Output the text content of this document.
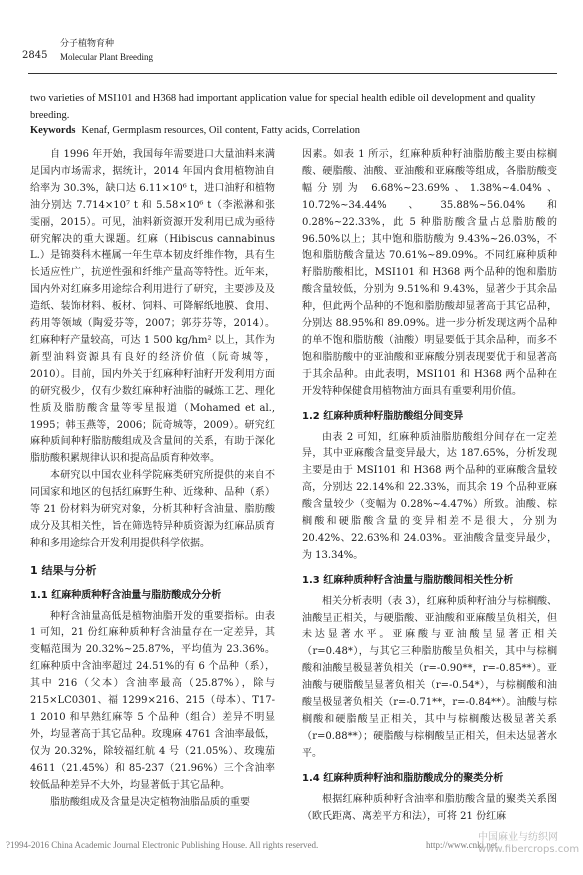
2845
分子植物育种
Molecular Plant Breeding
two varieties of MSI101 and H368 had important application value for special health edible oil development and quality breeding.
Keywords Kenaf, Germplasm resources, Oil content, Fatty acids, Correlation

自 1996 年开始，我国每年需要进口大量油料来满足国内市场需求，据统计，2014 年国内食用植物油自给率为 30.3%，缺口达 6.11×10⁶ t，进口油籽和植物油分别达 7.714×10⁷ t 和 5.58×10⁶ t（李淞淋和张雯丽，2015）。可见，油料新资源开发利用已成为亟待研究解决的重大课题。红麻（Hibiscus cannabinus L.）是锦葵科木槿属一年生草本韧皮纤维作物，具有生长适应性广，抗逆性强和纤维产量高等特性。近年来，国内外对红麻多用途综合利用进行了研究，主要涉及及造纸、装饰材料、板材、饲料、可降解纸地膜、食用、药用等领域（陶爱芬等，2007；郭芬芬等，2014）。红麻种籽产量较高，可达 1 500 kg/hm² 以上，其作为新型油料资源具有良好的经济价值（阮奇城等，2010）。目前，国内外关于红麻种籽油籽开发利用方面的研究极少，仅有少数红麻种籽油脂的碱炼工艺、理化性质及脂肪酸含量等零星报道（Mohamed et al., 1995；韩玉燕等，2006；阮奇城等，2009）。研究红麻种质间种籽脂肪酸组成及含量间的关系，有助于深化脂肪酸积累规律认识和提高品质育种效率。

本研究以中国农业科学院麻类研究所提供的来自不同国家和地区的包括红麻野生种、近缘种、品种（系）等 21 份材料为研究对象，分析其种籽含油量、脂肪酸成分及其相关性，旨在筛选特异种质资源为红麻品质育种和多用途综合开发利用提供科学依据。

1 结果与分析
1.1 红麻种质种籽含油量与脂肪酸成分分析

种籽含油量高低是植物油脂开发的重要指标。由表 1 可知，21 份红麻种质种籽含油量存在一定差异，其变幅范围为 20.32%~25.87%，平均值为 23.36%。红麻种质中含油率超过 24.51%的有 6 个品种（系），其中 216（父本）含油率最高（25.87%），除与 215×LC0301、福 1299×216、215（母本）、T17-1 2010 和早熟红麻等 5 个品种（组合）差异不明显外，均显著高于其它品种。玫瑰麻 4761 含油率最低，仅为 20.32%，除较福红航 4 号（21.05%）、玫瑰茄 4611（21.45%）和 85-237（21.96%）三个含油率较低品种差异不大外，均显著低于其它品种。

脂肪酸组成及含量是决定植物油脂品质的重要

因素。如表 1 所示，红麻种质种籽油脂肪酸主要由棕榈酸、硬脂酸、油酸、亚油酸和亚麻酸等组成，各脂肪酸变幅分别为 6.68%~23.69%、1.38%~4.04%、10.72%~34.44%、35.88%~56.04%和 0.28%~22.33%，此 5 种脂肪酸含量占总脂肪酸的 96.50%以上；其中饱和脂肪酸为 9.43%~26.03%，不饱和脂肪酸含量达 70.61%~89.09%。不同红麻种质种籽脂肪酸相比，MSI101 和 H368 两个品种的饱和脂肪酸含量较低，分别为 9.51%和 9.43%，显著少于其余品种，但此两个品种的不饱和脂肪酸却显著高于其它品种，分别达 88.95%和 89.09%。进一步分析发现这两个品种的单不饱和脂肪酸（油酸）明显要低于其余品种，而多不饱和脂肪酸中的亚油酸和亚麻酸分别表现要优于和显著高于其余品种。由此表明，MSI101 和 H368 两个品种在开发特种保健食用植物油方面具有重要利用价值。

1.2 红麻种质种籽脂肪酸组分间变异

由表 2 可知，红麻种质油脂肪酸组分间存在一定差异，其中亚麻酸含量变异最大，达 187.65%，分析发现主要是由于 MSI101 和 H368 两个品种的亚麻酸含量较高，分别达 22.14%和 22.33%，而其余 19 个品种亚麻酸含量较少（变幅为 0.28%~4.47%）所致。油酸、棕榈酸和硬脂酸含量的变异相差不是很大，分别为 20.42%、22.63%和 24.03%。亚油酸含量变异最少，为 13.34%。

1.3 红麻种质种籽含油量与脂肪酸间相关性分析

相关分析表明（表 3），红麻种质种籽油分与棕榈酸、油酸呈正相关，与硬脂酸、亚油酸和亚麻酸呈负相关，但未达显著水平。亚麻酸与亚油酸呈显著正相关（r=0.48*），与其它三种脂肪酸呈负相关，其中与棕榈酸和油酸呈极显著负相关（r=-0.90**，r=-0.85**）。亚油酸与硬脂酸呈显著负相关（r=-0.54*），与棕榈酸和油酸呈极显著负相关（r=-0.71**，r=-0.84**）。油酸与棕榈酸和硬脂酸呈正相关，其中与棕榈酸达极显著关系（r=0.88**）；硬脂酸与棕榈酸呈正相关，但未达显著水平。

1.4 红麻种质种籽油和脂肪酸成分的聚类分析

根据红麻种质种籽含油率和脂肪酸含量的聚类关系图（欧氏距离、离差平方和法），可将 21 份红麻

?1994-2016 China Academic Journal Electronic Publishing House. All rights reserved.	http://www.cnki.net
中国麻业与纺织网
www.fibercrops.com
